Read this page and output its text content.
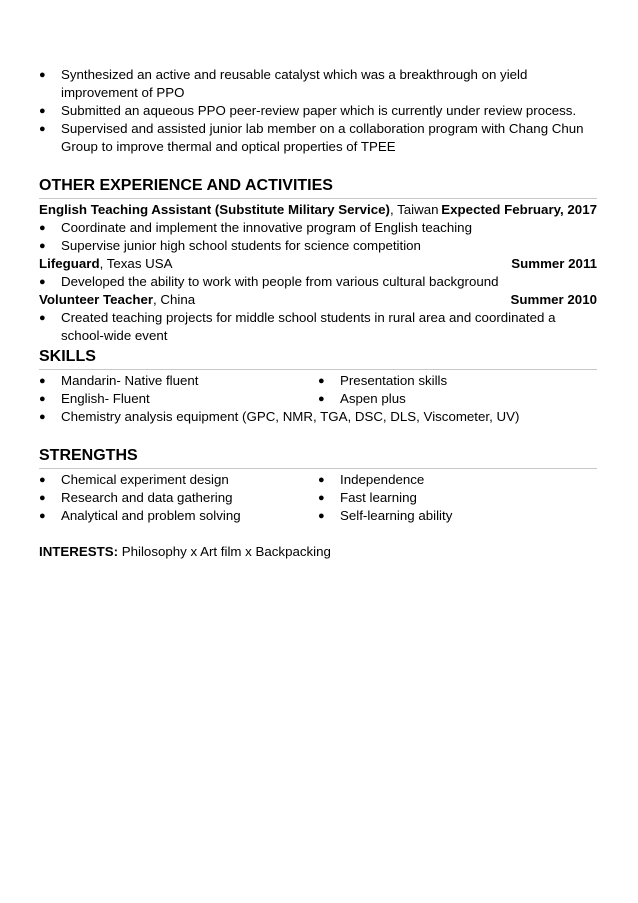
● Synthesized an active and reusable catalyst which was a breakthrough on yield improvement of PPO
● Submitted an aqueous PPO peer-review paper which is currently under review process.
● Supervised and assisted junior lab member on a collaboration program with Chang Chun Group to improve thermal and optical properties of TPEE
OTHER EXPERIENCE AND ACTIVITIES
English Teaching Assistant (Substitute Military Service), Taiwan Expected February, 2017
● Coordinate and implement the innovative program of English teaching
● Supervise junior high school students for science competition
Lifeguard, Texas USA	Summer 2011
● Developed the ability to work with people from various cultural background
Volunteer Teacher, China	Summer 2010
● Created teaching projects for middle school students in rural area and coordinated a school-wide event
SKILLS
● Mandarin- Native fluent
● English- Fluent
● Presentation skills
● Aspen plus
● Chemistry analysis equipment (GPC, NMR, TGA, DSC, DLS, Viscometer, UV)
STRENGTHS
● Chemical experiment design
● Research and data gathering
● Analytical and problem solving
● Independence
● Fast learning
● Self-learning ability
INTERESTS: Philosophy x Art film x Backpacking
